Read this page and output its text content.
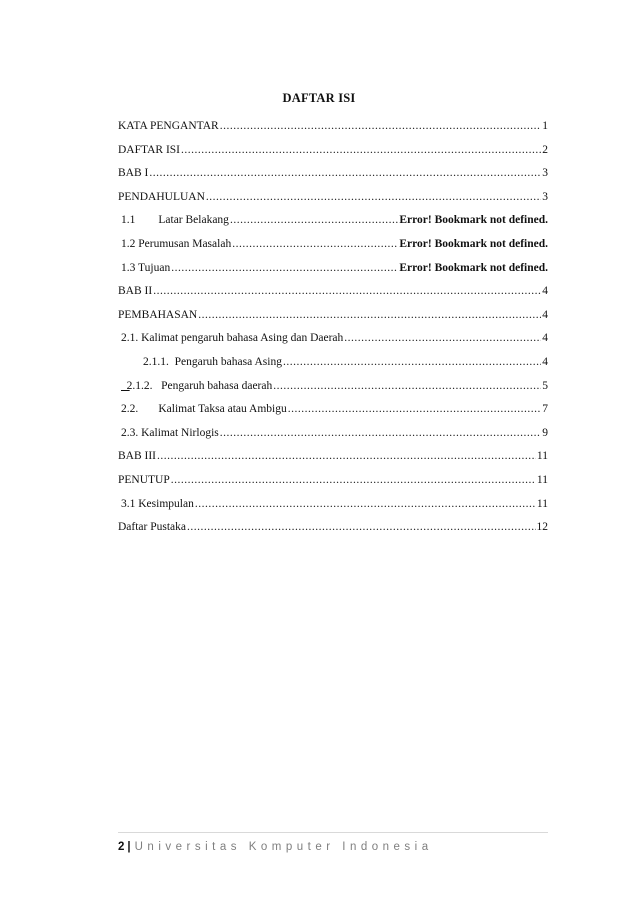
DAFTAR ISI
KATA PENGANTAR .....	1
DAFTAR ISI .....	2
BAB I .....	3
PENDAHULUAN .....	3
1.1        Latar Belakang .....	Error! Bookmark not defined.
1.2 Perumusan Masalah .....	Error! Bookmark not defined.
1.3 Tujuan .....	Error! Bookmark not defined.
BAB II .....	4
PEMBAHASAN .....	4
2.1. Kalimat pengaruh bahasa Asing dan Daerah .....	4
2.1.1.  Pengaruh bahasa Asing .....	4

2.1.2.   Pengaruh bahasa daerah .....	5
2.2.       Kalimat Taksa atau Ambigu .....	7
2.3. Kalimat Nirlogis .....	9
BAB III .....	11
PENUTUP .....	11
3.1 Kesimpulan .....	11
Daftar Pustaka .....	12
2 | Universitas Komputer Indonesia
